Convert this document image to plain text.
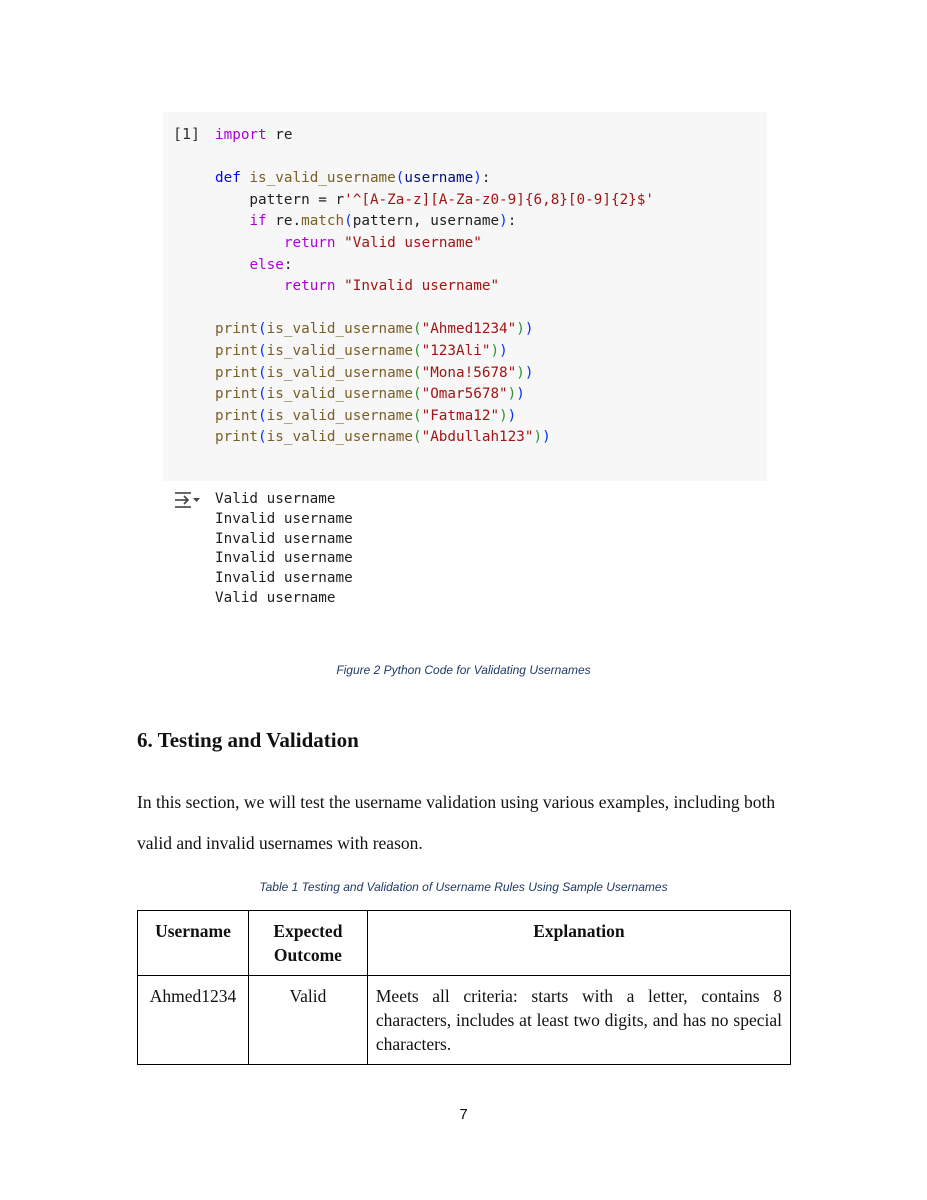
[1] import re

def is_valid_username(username):
pattern = r'^[A-Za-z][A-Za-z0-9]{6,8}[0-9]{2}$'
if re.match(pattern, username):
return "Valid username"
else:
return "Invalid username"

print(is_valid_username("Ahmed1234"))
print(is_valid_username("123Ali"))
print(is_valid_username("Mona!5678"))
print(is_valid_username("Omar5678"))
print(is_valid_username("Fatma12"))
print(is_valid_username("Abdullah123"))
Valid username
Invalid username
Invalid username
Invalid username
Invalid username
Valid username
Figure 2 Python Code for Validating Usernames
6. Testing and Validation

In this section, we will test the username validation using various examples, including both valid and invalid usernames with reason.

Table 1 Testing and Validation of Username Rules Using Sample Usernames
Username	Expected Outcome	Explanation
Ahmed1234	Valid	Meets all criteria: starts with a letter, contains 8 characters, includes at least two digits, and has no special characters.
7
